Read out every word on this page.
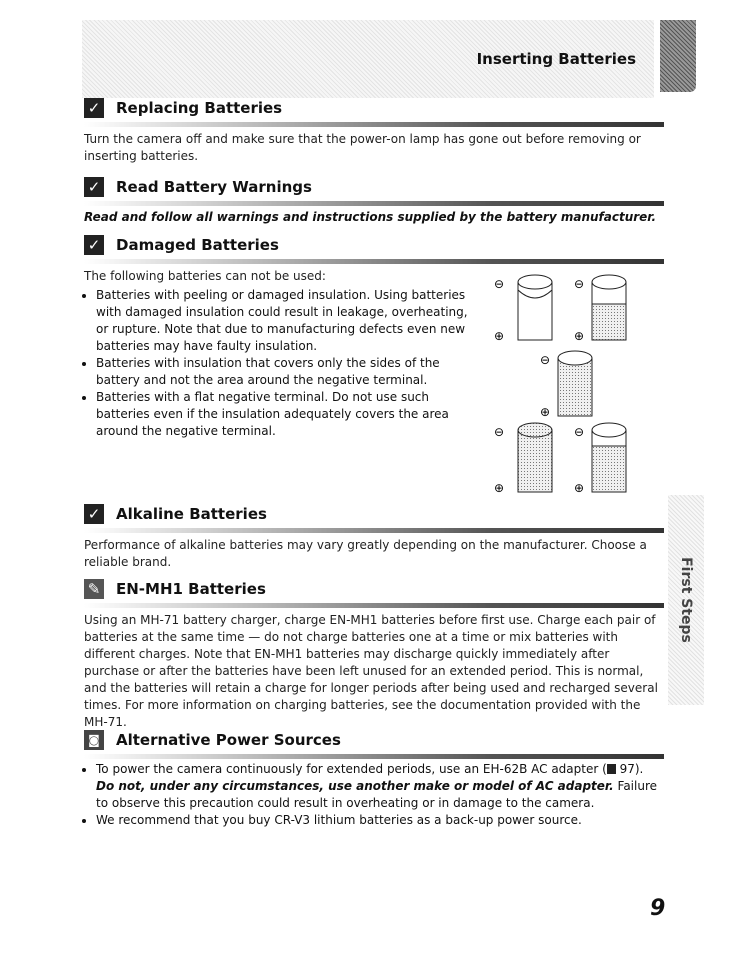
Inserting Batteries
First Steps
✓ Replacing Batteries
Turn the camera off and make sure that the power-on lamp has gone out before removing or inserting batteries.
✓ Read Battery Warnings
Read and follow all warnings and instructions supplied by the battery manufacturer.
✓ Damaged Batteries
The following batteries can not be used:
• Batteries with peeling or damaged insulation. Using batteries with damaged insulation could result in leakage, overheating, or rupture. Note that due to manufacturing defects even new batteries may have faulty insulation.
• Batteries with insulation that covers only the sides of the battery and not the area around the negative terminal.
• Batteries with a flat negative terminal. Do not use such batteries even if the insulation adequately covers the area around the negative terminal.
⊖	⊖
⊕	⊕
⊖
⊕
⊖	⊖
⊕	⊕
✓ Alkaline Batteries
Performance of alkaline batteries may vary greatly depending on the manufacturer. Choose a reliable brand.
✎ EN-MH1 Batteries
Using an MH-71 battery charger, charge EN-MH1 batteries before first use. Charge each pair of batteries at the same time — do not charge batteries one at a time or mix batteries with different charges. Note that EN-MH1 batteries may discharge quickly immediately after purchase or after the batteries have been left unused for an extended period. This is normal, and the batteries will retain a charge for longer periods after being used and recharged several times. For more information on charging batteries, see the documentation provided with the MH-71.
◙ Alternative Power Sources
• To power the camera continuously for extended periods, use an EH-62B AC adapter ( 97). Do not, under any circumstances, use another make or model of AC adapter. Failure to observe this precaution could result in overheating or in damage to the camera.
• We recommend that you buy CR-V3 lithium batteries as a back-up power source.
9
